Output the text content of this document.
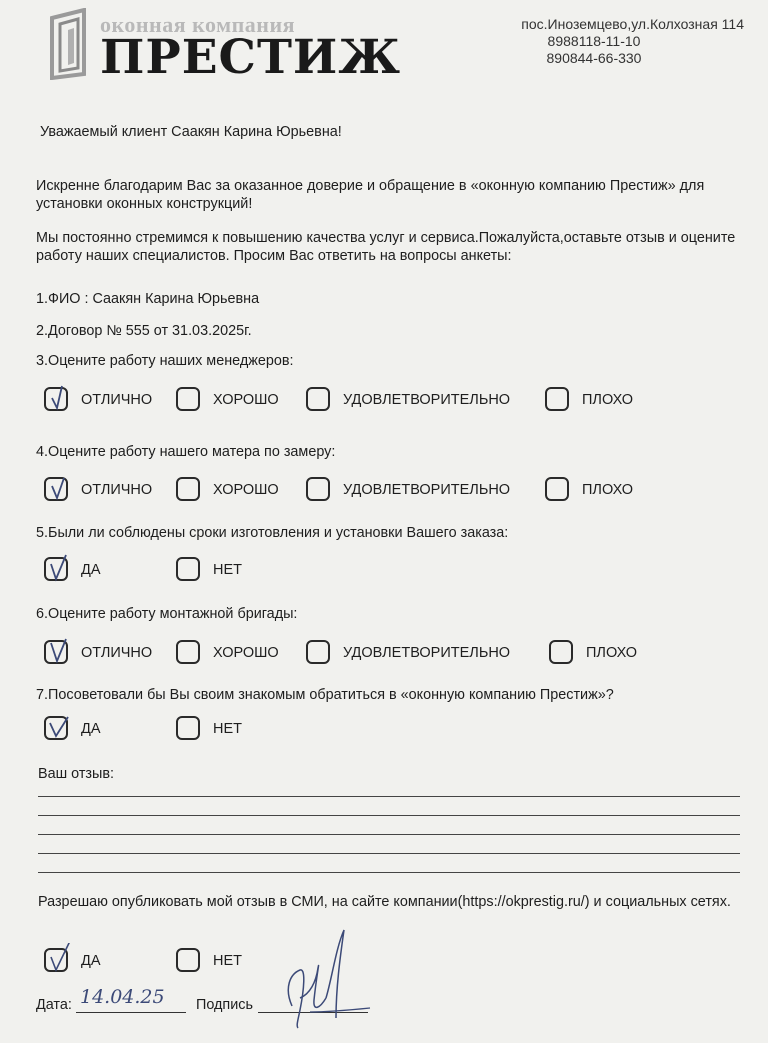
оконная компания
ПРЕСТИЖ
пос.Иноземцево,ул.Колхозная 114
8988118-11-10
890844-66-330
Уважаемый клиент Саакян Карина Юрьевна!
Искренне благодарим Вас за оказанное доверие и обращение в «оконную компанию Престиж» для установки оконных конструкций!
Мы постоянно стремимся к повышению качества услуг и сервиса.Пожалуйста,оставьте отзыв и оцените работу наших специалистов. Просим Вас ответить на вопросы анкеты:
1.ФИО : Саакян Карина Юрьевна
2.Договор № 555 от 31.03.2025г.
3.Оцените работу наших менеджеров:
ОТЛИЧНО	ХОРОШО	УДОВЛЕТВОРИТЕЛЬНО	ПЛОХО
4.Оцените работу нашего матера по замеру:
ОТЛИЧНО	ХОРОШО	УДОВЛЕТВОРИТЕЛЬНО	ПЛОХО
5.Были ли соблюдены сроки изготовления и установки Вашего заказа:
ДА	НЕТ
6.Оцените работу монтажной бригады:
ОТЛИЧНО	ХОРОШО	УДОВЛЕТВОРИТЕЛЬНО	ПЛОХО
7.Посоветовали бы Вы своим знакомым обратиться в «оконную компанию Престиж»?
ДА	НЕТ
Ваш отзыв:
Разрешаю опубликовать мой отзыв в СМИ, на сайте компании(https://okprestig.ru/) и социальных сетях.
ДА	НЕТ
Дата: 14.04.25 Подпись
